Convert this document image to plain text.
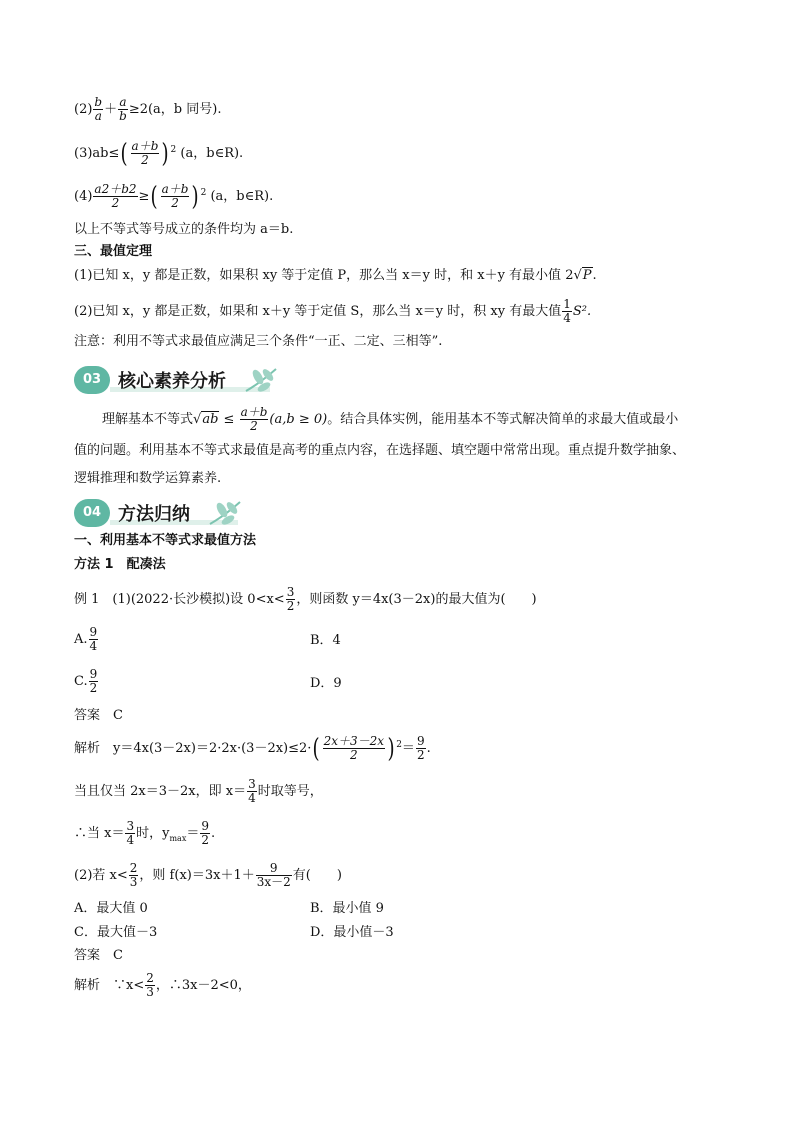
$(2) \frac{b}{a} + \frac{a}{b} \ge 2(a$，b 同号).
$(3)ab\le( \frac{a+b}{2}$ ) $^2$ (a，b∈R).
$(4) \frac{a2+b2}{2}$ ≥( $\frac{a+b}{2}$ ) $^2$ (a，b∈R).
以上不等式等号成立的条件均为 a＝b.
三、最值定理
(1)已知 x，y 都是正数，如果积 xy 等于定值 P，那么当 x＝y 时，和 x＋y 有最小值 2√P.
(2)已知 x，y 都是正数，如果和 x＋y 等于定值 S，那么当 x＝y 时，积 xy 有最大值 $\frac{1}{4} S^2$.
注意：利用不等式求最值应满足三个条件“一正、二定、三相等”.
03 核心素养分析
理解基本不等式$√ab \le \frac{a+b}{2} (a,b \ge 0)$。结合具体实例，能用基本不等式解决简单的求最大值或最小
值的问题。利用基本不等式求最值是高考的重点内容，在选择题、填空题中常常出现。重点提升数学抽象、
逻辑推理和数学运算素养.
04 方法归纳
一、利用基本不等式求最值方法
方法 1　配凑法
例 1　(1)(2022·长沙模拟)设 $0<x< \frac{3}{2}$ ，则函数 y＝4x(3－2x)的最大值为(　　)
A. $\frac{9}{4}$	B．4
C. $\frac{9}{2}$	D．9
答案　C
解析　$y=4x(3-2x)=2\cdot 2x\cdot(3-2x)\le 2\cdot( \frac{2x+3-2x}{2}$ ) $^2= \frac{9}{2}$ .
当且仅当 2x＝3－2x，即 $x= \frac{3}{4}$ 时取等号，
∴当 $x= \frac{3}{4}$ 时，$y_{max}= \frac{9}{2}$ .
(2)若 $x< \frac{2}{3}$ ，则 $f(x)=3x+1+ \frac{9}{3x-2}$ 有(　　)
A．最大值 0	B．最小值 9
C．最大值－3	D．最小值－3
答案　C
解析　∵x< $\frac{2}{3}$ ，∴3x－2<0，
